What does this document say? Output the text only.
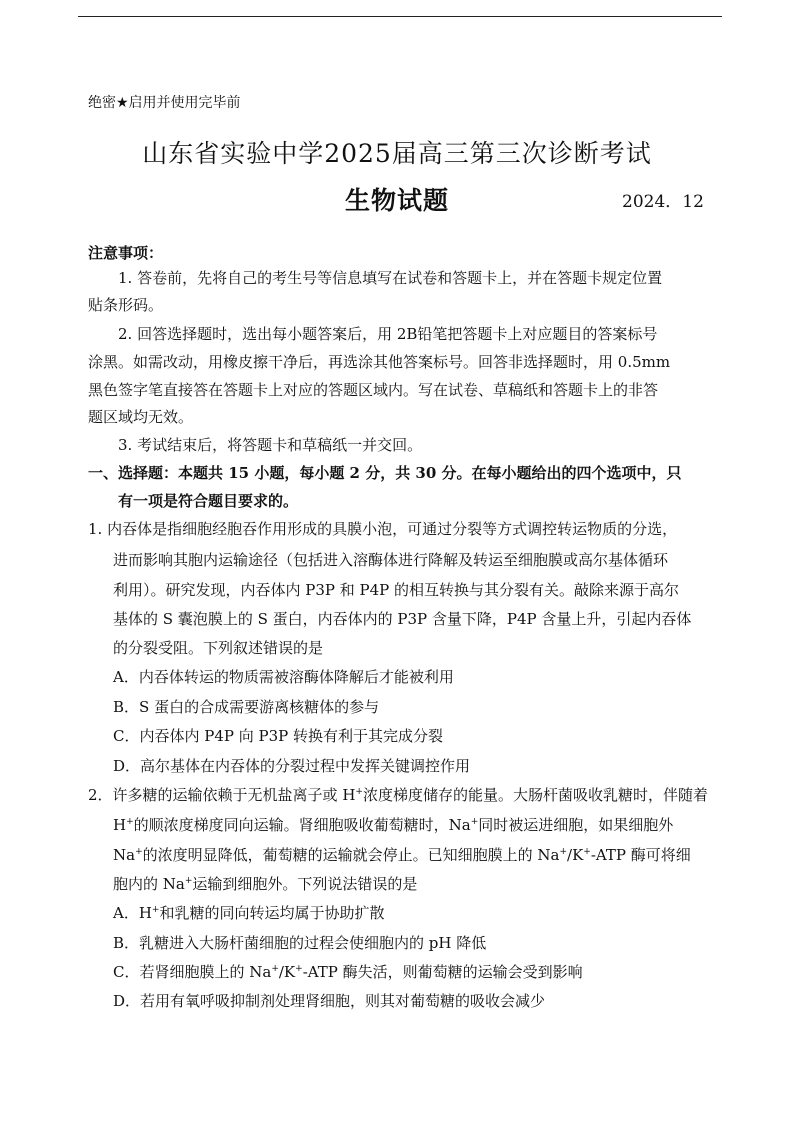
绝密★启用并使用完毕前
山东省实验中学2025届高三第三次诊断考试
生物试题	2024．12
注意事项：
1. 答卷前，先将自己的考生号等信息填写在试卷和答题卡上，并在答题卡规定位置
贴条形码。
2. 回答选择题时，选出每小题答案后，用 2B铅笔把答题卡上对应题目的答案标号
涂黑。如需改动，用橡皮擦干净后，再选涂其他答案标号。回答非选择题时，用 0.5mm
黑色签字笔直接答在答题卡上对应的答题区域内。写在试卷、草稿纸和答题卡上的非答
题区域均无效。
3. 考试结束后，将答题卡和草稿纸一并交回。
一、选择题：本题共 15 小题，每小题 2 分，共 30 分。在每小题给出的四个选项中，只
有一项是符合题目要求的。
1. 内吞体是指细胞经胞吞作用形成的具膜小泡，可通过分裂等方式调控转运物质的分选，
进而影响其胞内运输途径（包括进入溶酶体进行降解及转运至细胞膜或高尔基体循环
利用）。研究发现，内吞体内 P3P 和 P4P 的相互转换与其分裂有关。敲除来源于高尔
基体的 S 囊泡膜上的 S 蛋白，内吞体内的 P3P 含量下降，P4P 含量上升，引起内吞体
的分裂受阻。下列叙述错误的是
A．内吞体转运的物质需被溶酶体降解后才能被利用
B．S 蛋白的合成需要游离核糖体的参与
C．内吞体内 P4P 向 P3P 转换有利于其完成分裂
D．高尔基体在内吞体的分裂过程中发挥关键调控作用
2．许多糖的运输依赖于无机盐离子或 H+浓度梯度储存的能量。大肠杆菌吸收乳糖时，伴随着
H+的顺浓度梯度同向运输。肾细胞吸收葡萄糖时，Na+同时被运进细胞，如果细胞外
Na+的浓度明显降低，葡萄糖的运输就会停止。已知细胞膜上的 Na+/K+-ATP 酶可将细
胞内的 Na+运输到细胞外。下列说法错误的是
A．H+和乳糖的同向转运均属于协助扩散
B．乳糖进入大肠杆菌细胞的过程会使细胞内的 pH 降低
C．若肾细胞膜上的 Na+/K+-ATP 酶失活，则葡萄糖的运输会受到影响
D．若用有氧呼吸抑制剂处理肾细胞，则其对葡萄糖的吸收会减少
